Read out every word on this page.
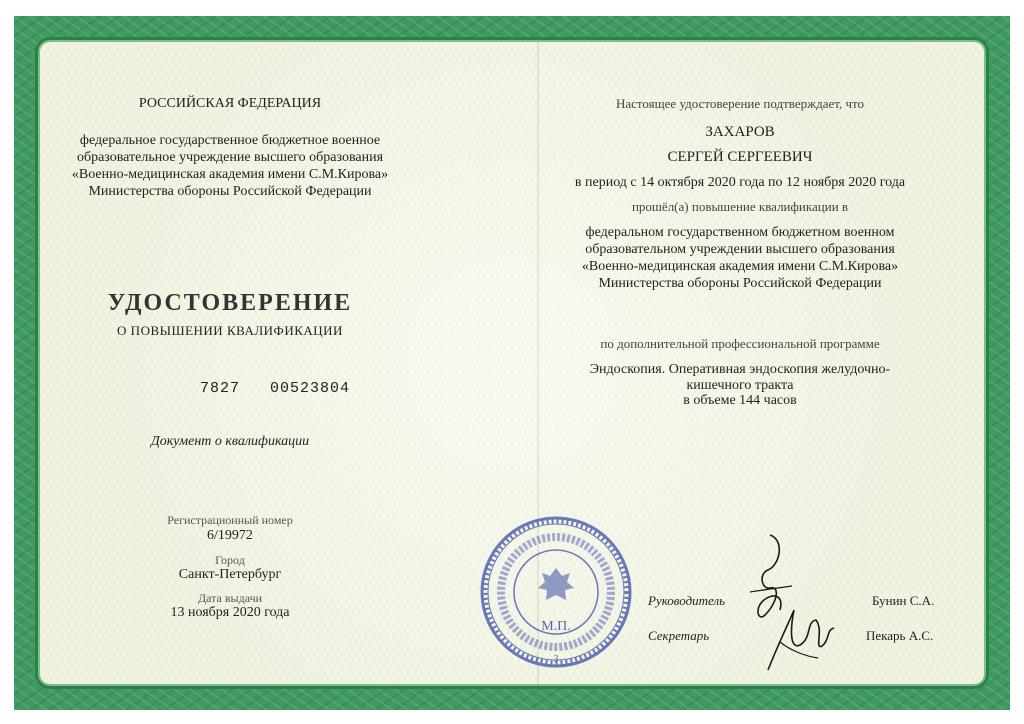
РОССИЙСКАЯ ФЕДЕРАЦИЯ
федеральное государственное бюджетное военное
образовательное учреждение высшего образования
«Военно-медицинская академия имени С.М.Кирова»
Министерства обороны Российской Федерации
УДОСТОВЕРЕНИЕ
О ПОВЫШЕНИИ КВАЛИФИКАЦИИ
7827	00523804
Документ о квалификации
Регистрационный номер
6/19972
Город
Санкт-Петербург
Дата выдачи
13 ноября 2020 года
Настоящее удостоверение подтверждает, что
ЗАХАРОВ
СЕРГЕЙ СЕРГЕЕВИЧ
в период с 14 октября 2020 года по 12 ноября 2020 года
прошёл(а) повышение квалификации в
федеральном государственном бюджетном военном
образовательном учреждении высшего образования
«Военно-медицинская академия имени С.М.Кирова»
Министерства обороны Российской Федерации
по дополнительной профессиональной программе
Эндоскопия. Оперативная эндоскопия желудочно-
кишечного тракта
в объеме 144 часов
М.П.
3
Руководитель	Бунин С.А.
Секретарь	Пекарь А.С.
